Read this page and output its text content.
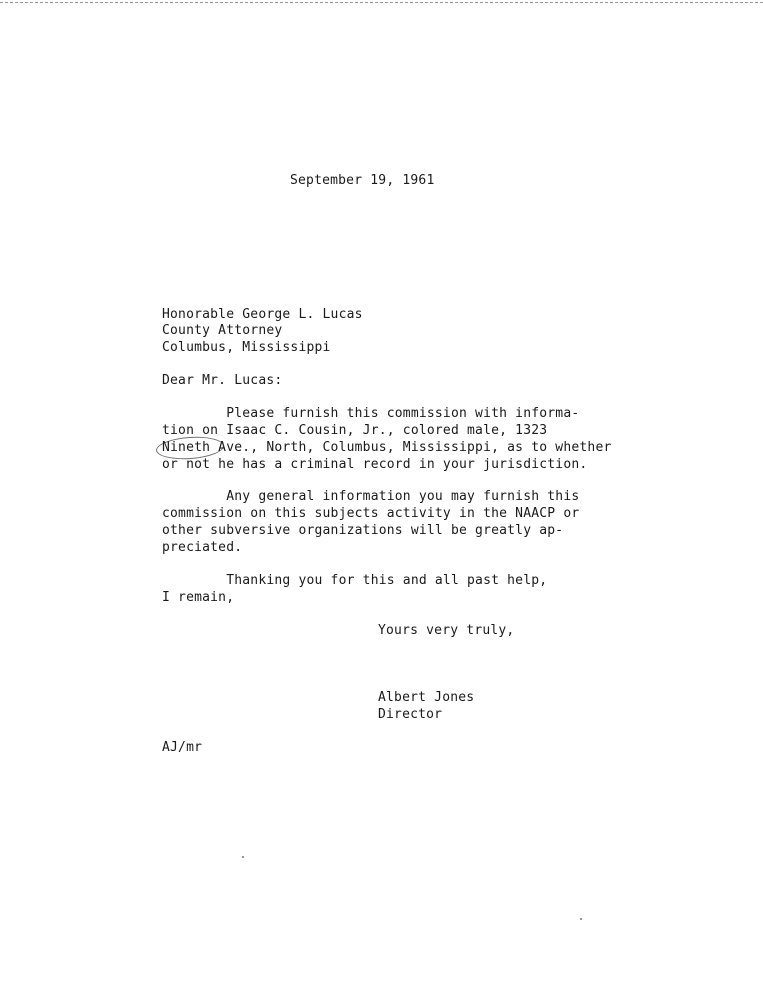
September 19, 1961
Honorable George L. Lucas
County Attorney
Columbus, Mississippi
Dear Mr. Lucas:
Please furnish this commission with informa-
tion on Isaac C. Cousin, Jr., colored male, 1323
Nineth Ave., North, Columbus, Mississippi, as to whether
or not he has a criminal record in your jurisdiction.
Any general information you may furnish this
commission on this subjects activity in the NAACP or
other subversive organizations will be greatly ap-
preciated.
Thanking you for this and all past help,
I remain,
Yours very truly,
Albert Jones
Director
AJ/mr
